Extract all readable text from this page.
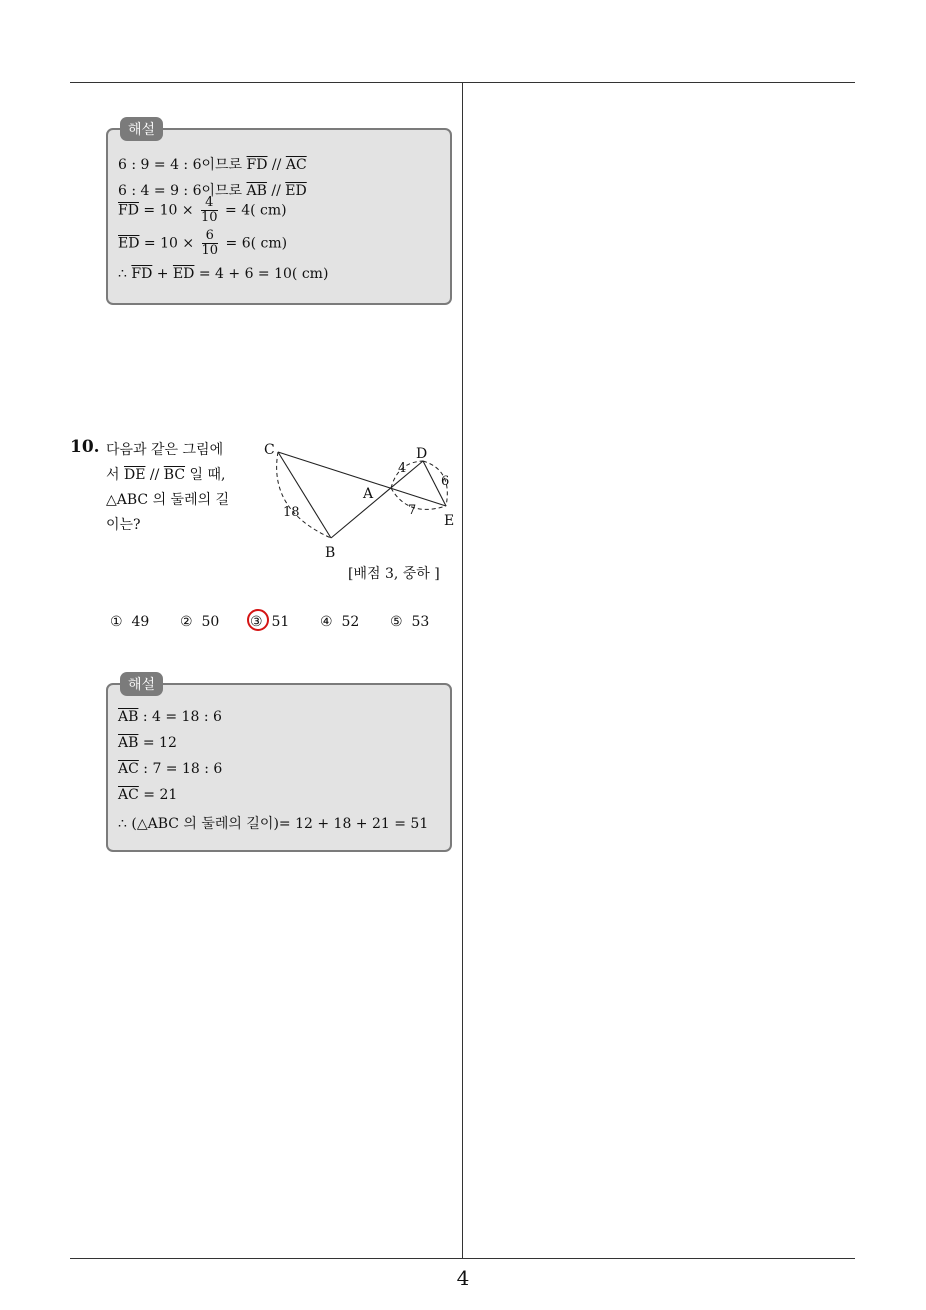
해설
6 : 9 = 4 : 6이므로 $\overline{FD} // \overline{AC}$
6 : 4 = 9 : 6이므로 $\overline{AB} // \overline{ED}$
$\overline{FD} = 10 \times \frac{4}{10} = 4$( cm)
$\overline{ED} = 10 \times \frac{6}{10} = 6$( cm)
∴ $\overline{FD} + \overline{ED} = 4 + 6 = 10$( cm)
10. 다음과 같은 그림에
서 $\overline{DE} // \overline{BC}$ 일 때,
△ABC 의 둘레의 길
이는?
C	D
A
E
B
4
6
7
18
[배점 3, 중하 ]
① 49 ② 50 ③ 51 ④ 52 ⑤ 53
해설
$\overline{AB}$ : 4 = 18 : 6
$\overline{AB} = 12$
$\overline{AC}$ : 7 = 18 : 6
$\overline{AC} = 21$
∴ (△ABC 의 둘레의 길이)= 12 + 18 + 21 = 51
4
